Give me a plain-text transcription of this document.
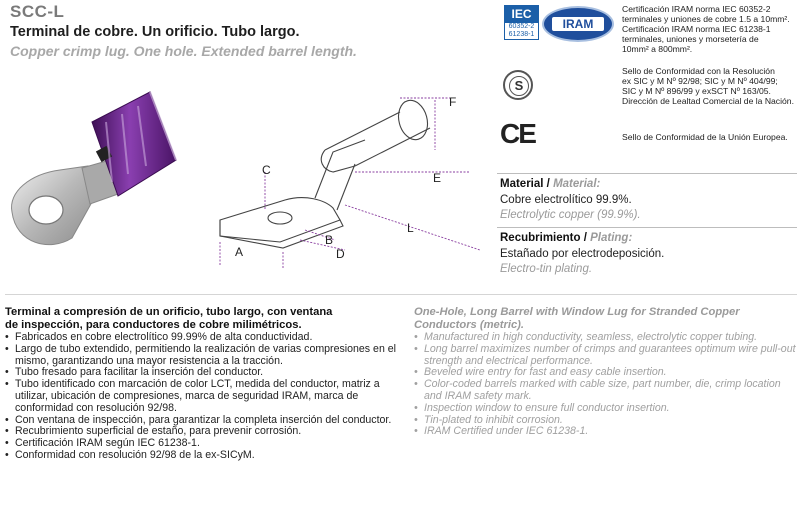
SCC-L
Terminal de cobre. Un orificio. Tubo largo.
Copper crimp lug. One hole. Extended barrel length.
F
C
E
L
B
D
A
IEC
60352-2
61238-1
IRAM
Certificación IRAM norma IEC 60352-2
terminales y uniones de cobre 1.5 a 10mm².
Certificación IRAM norma IEC 61238-1
terminales, uniones y morsetería de
10mm² a 800mm².
S
Sello de Conformidad con la Resolución
ex SIC y M Nº 92/98; SIC y M Nº 404/99;
SIC y M Nº 896/99 y exSCT Nº 163/05.
Dirección de Lealtad Comercial de la Nación.
CE	Sello de Conformidad de la Unión Europea.
Material / Material:
Cobre electrolítico 99.9%.
Electrolytic copper (99.9%).
Recubrimiento / Plating:
Estañado por electrodeposición.
Electro-tin plating.
Terminal a compresión de un orificio, tubo largo, con ventana
de inspección, para conductores de cobre milimétricos.
• Fabricados en cobre electrolítico 99.99% de alta conductividad.
• Largo de tubo extendido, permitiendo la realización de varias compresiones en el mismo, garantizando una mayor resistencia a la tracción.
• Tubo fresado para facilitar la inserción del conductor.
• Tubo identificado con marcación de color LCT, medida del conductor, matriz a utilizar, ubicación de compresiones, marca de seguridad IRAM, marca de conformidad con resolución 92/98.
• Con ventana de inspección, para garantizar la completa inserción del conductor.
• Recubrimiento superficial de estaño, para prevenir corrosión.
• Certificación IRAM según IEC 61238-1.
• Conformidad con resolución 92/98 de la ex-SICyM.
One-Hole, Long Barrel with Window Lug for Stranded Copper
Conductors (metric).
• Manufactured in high conductivity, seamless, electrolytic copper tubing.
• Long barrel maximizes number of crimps and guarantees optimum wire pull-out strength and electrical performance.
• Beveled wire entry for fast and easy cable insertion.
• Color-coded barrels marked with cable size, part number, die, crimp location and IRAM safety mark.
• Inspection window to ensure full conductor insertion.
• Tin-plated to inhibit corrosion.
• IRAM Certified under IEC 61238-1.
